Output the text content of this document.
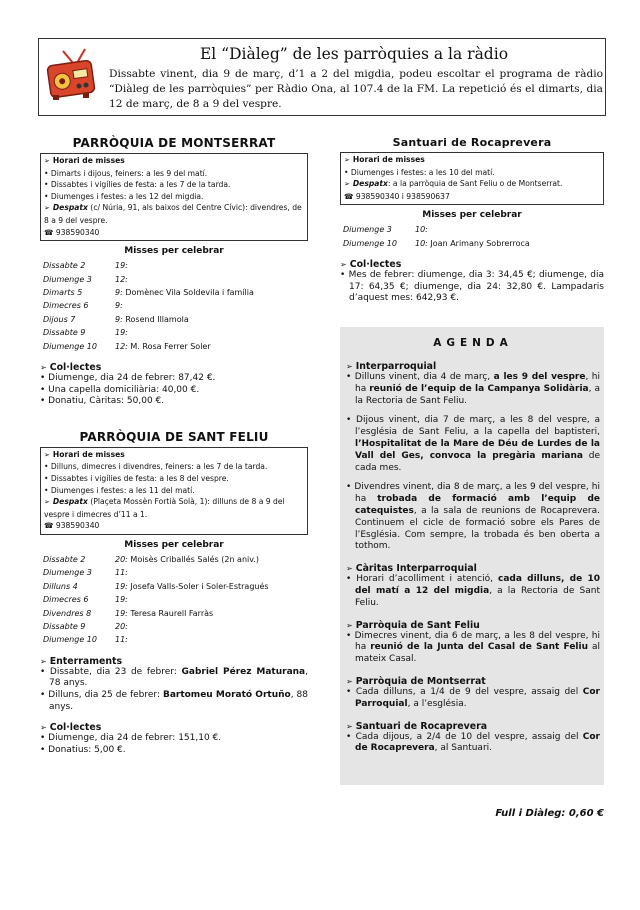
El “Diàleg” de les parròquies a la ràdio
Dissabte vinent, dia 9 de març, d’1 a 2 del migdia, podeu escoltar el programa de ràdio “Diàleg de les parròquies” per Ràdio Ona, al 107.4 de la FM. La repetició és el dimarts, dia 12 de març, de 8 a 9 del vespre.
PARRÒQUIA DE MONTSERRAT
➢ Horari de misses
• Dimarts i dijous, feiners: a les 9 del matí.
• Dissabtes i vigílies de festa: a les 7 de la tarda.
• Diumenges i festes: a les 12 del migdia.
➢ Despatx (c/ Núria, 91, als baixos del Centre Cívic): divendres, de 8 a 9 del vespre.
☎ 938590340
Misses per celebrar
Dissabte 2	19:
Diumenge 3	12:
Dimarts 5	9: Domènec Vila Soldevila i família
Dimecres 6	9:
Dijous 7	9: Rosend Illamola
Dissabte 9	19:
Diumenge 10	12: M. Rosa Ferrer Soler
➢ Col·lectes
• Diumenge, dia 24 de febrer: 87,42 €.
• Una capella domiciliària: 40,00 €.
• Donatiu, Càritas: 50,00 €.
PARRÒQUIA DE SANT FELIU
➢ Horari de misses
• Dilluns, dimecres i divendres, feiners: a les 7 de la tarda.
• Dissabtes i vigílies de festa: a les 8 del vespre.
• Diumenges i festes: a les 11 del matí.
➢ Despatx (Plaçeta Mossèn Fortià Solà, 1): dilluns de 8 a 9 del vespre i dimecres d’11 a 1.
☎ 938590340
Misses per celebrar
Dissabte 2	20: Moisès Criballés Salés (2n aniv.)
Diumenge 3	11:
Dilluns 4	19: Josefa Valls-Soler i Soler-Estragués
Dimecres 6	19:
Divendres 8	19: Teresa Raurell Farràs
Dissabte 9	20:
Diumenge 10	11:
➢ Enterraments
• Dissabte, dia 23 de febrer: Gabriel Pérez Maturana, 78 anys.
• Dilluns, dia 25 de febrer: Bartomeu Morató Ortuño, 88 anys.
➢ Col·lectes
• Diumenge, dia 24 de febrer: 151,10 €.
• Donatius: 5,00 €.
Santuari de Rocaprevera
➢ Horari de misses
• Diumenges i festes: a les 10 del matí.
➢ Despatx: a la parròquia de Sant Feliu o de Montserrat.
☎ 938590340 i 938590637
Misses per celebrar
Diumenge 3	10:
Diumenge 10	10: Joan Arimany Sobrerroca
➢ Col·lectes
• Mes de febrer: diumenge, dia 3: 34,45 €; diumenge, dia 17: 64,35 €; diumenge, dia 24: 32,80 €. Lampadaris d’aquest mes: 642,93 €.
AGENDA
➢ Interparroquial
• Dilluns vinent, dia 4 de març, a les 9 del vespre, hi ha reunió de l’equip de la Campanya Solidària, a la Rectoria de Sant Feliu.
• Dijous vinent, dia 7 de març, a les 8 del vespre, a l’església de Sant Feliu, a la capella del baptisteri, l’Hospitalitat de la Mare de Déu de Lurdes de la Vall del Ges, convoca la pregària mariana de cada mes.
• Divendres vinent, dia 8 de març, a les 9 del vespre, hi ha trobada de formació amb l’equip de catequistes, a la sala de reunions de Rocaprevera. Continuem el cicle de formació sobre els Pares de l’Església. Com sempre, la trobada és ben oberta a tothom.
➢ Càritas Interparroquial
• Horari d’acolliment i atenció, cada dilluns, de 10 del matí a 12 del migdia, a la Rectoria de Sant Feliu.
➢ Parròquia de Sant Feliu
• Dimecres vinent, dia 6 de març, a les 8 del vespre, hi ha reunió de la Junta del Casal de Sant Feliu al mateix Casal.
➢ Parròquia de Montserrat
• Cada dilluns, a 1/4 de 9 del vespre, assaig del Cor Parroquial, a l’església.
➢ Santuari de Rocaprevera
• Cada dijous, a 2/4 de 10 del vespre, assaig del Cor de Rocaprevera, al Santuari.
Full i Diàleg: 0,60 €
